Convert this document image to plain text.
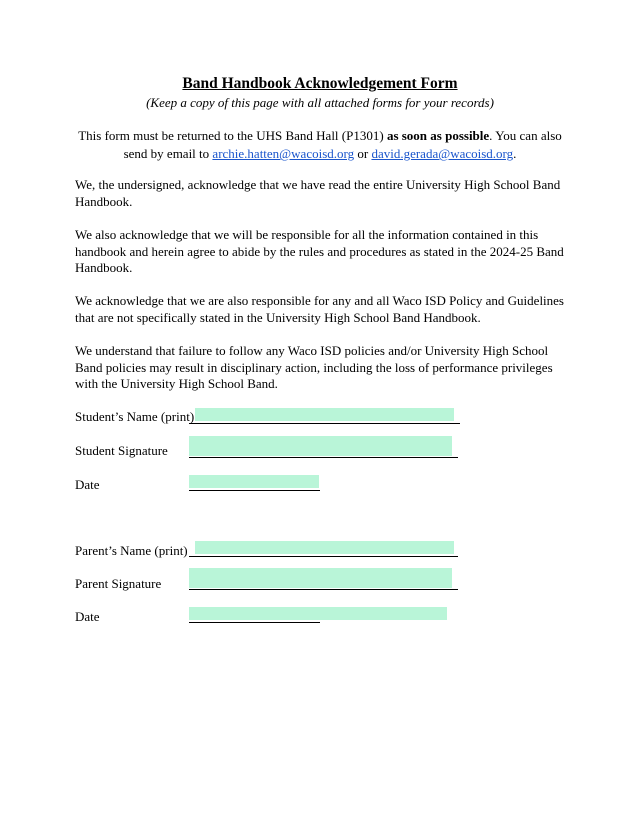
Band Handbook Acknowledgement Form
(Keep a copy of this page with all attached forms for your records)
This form must be returned to the UHS Band Hall (P1301) as soon as possible. You can also send by email to archie.hatten@wacoisd.org or david.gerada@wacoisd.org.

We, the undersigned, acknowledge that we have read the entire University High School Band Handbook.

We also acknowledge that we will be responsible for all the information contained in this handbook and herein agree to abide by the rules and procedures as stated in the 2024-25 Band Handbook.

We acknowledge that we are also responsible for any and all Waco ISD Policy and Guidelines that are not specifically stated in the University High School Band Handbook.

We understand that failure to follow any Waco ISD policies and/or University High School Band policies may result in disciplinary action, including the loss of performance privileges with the University High School Band.

Student’s Name (print)
Student Signature
Date
Parent’s Name (print)
Parent Signature
Date
